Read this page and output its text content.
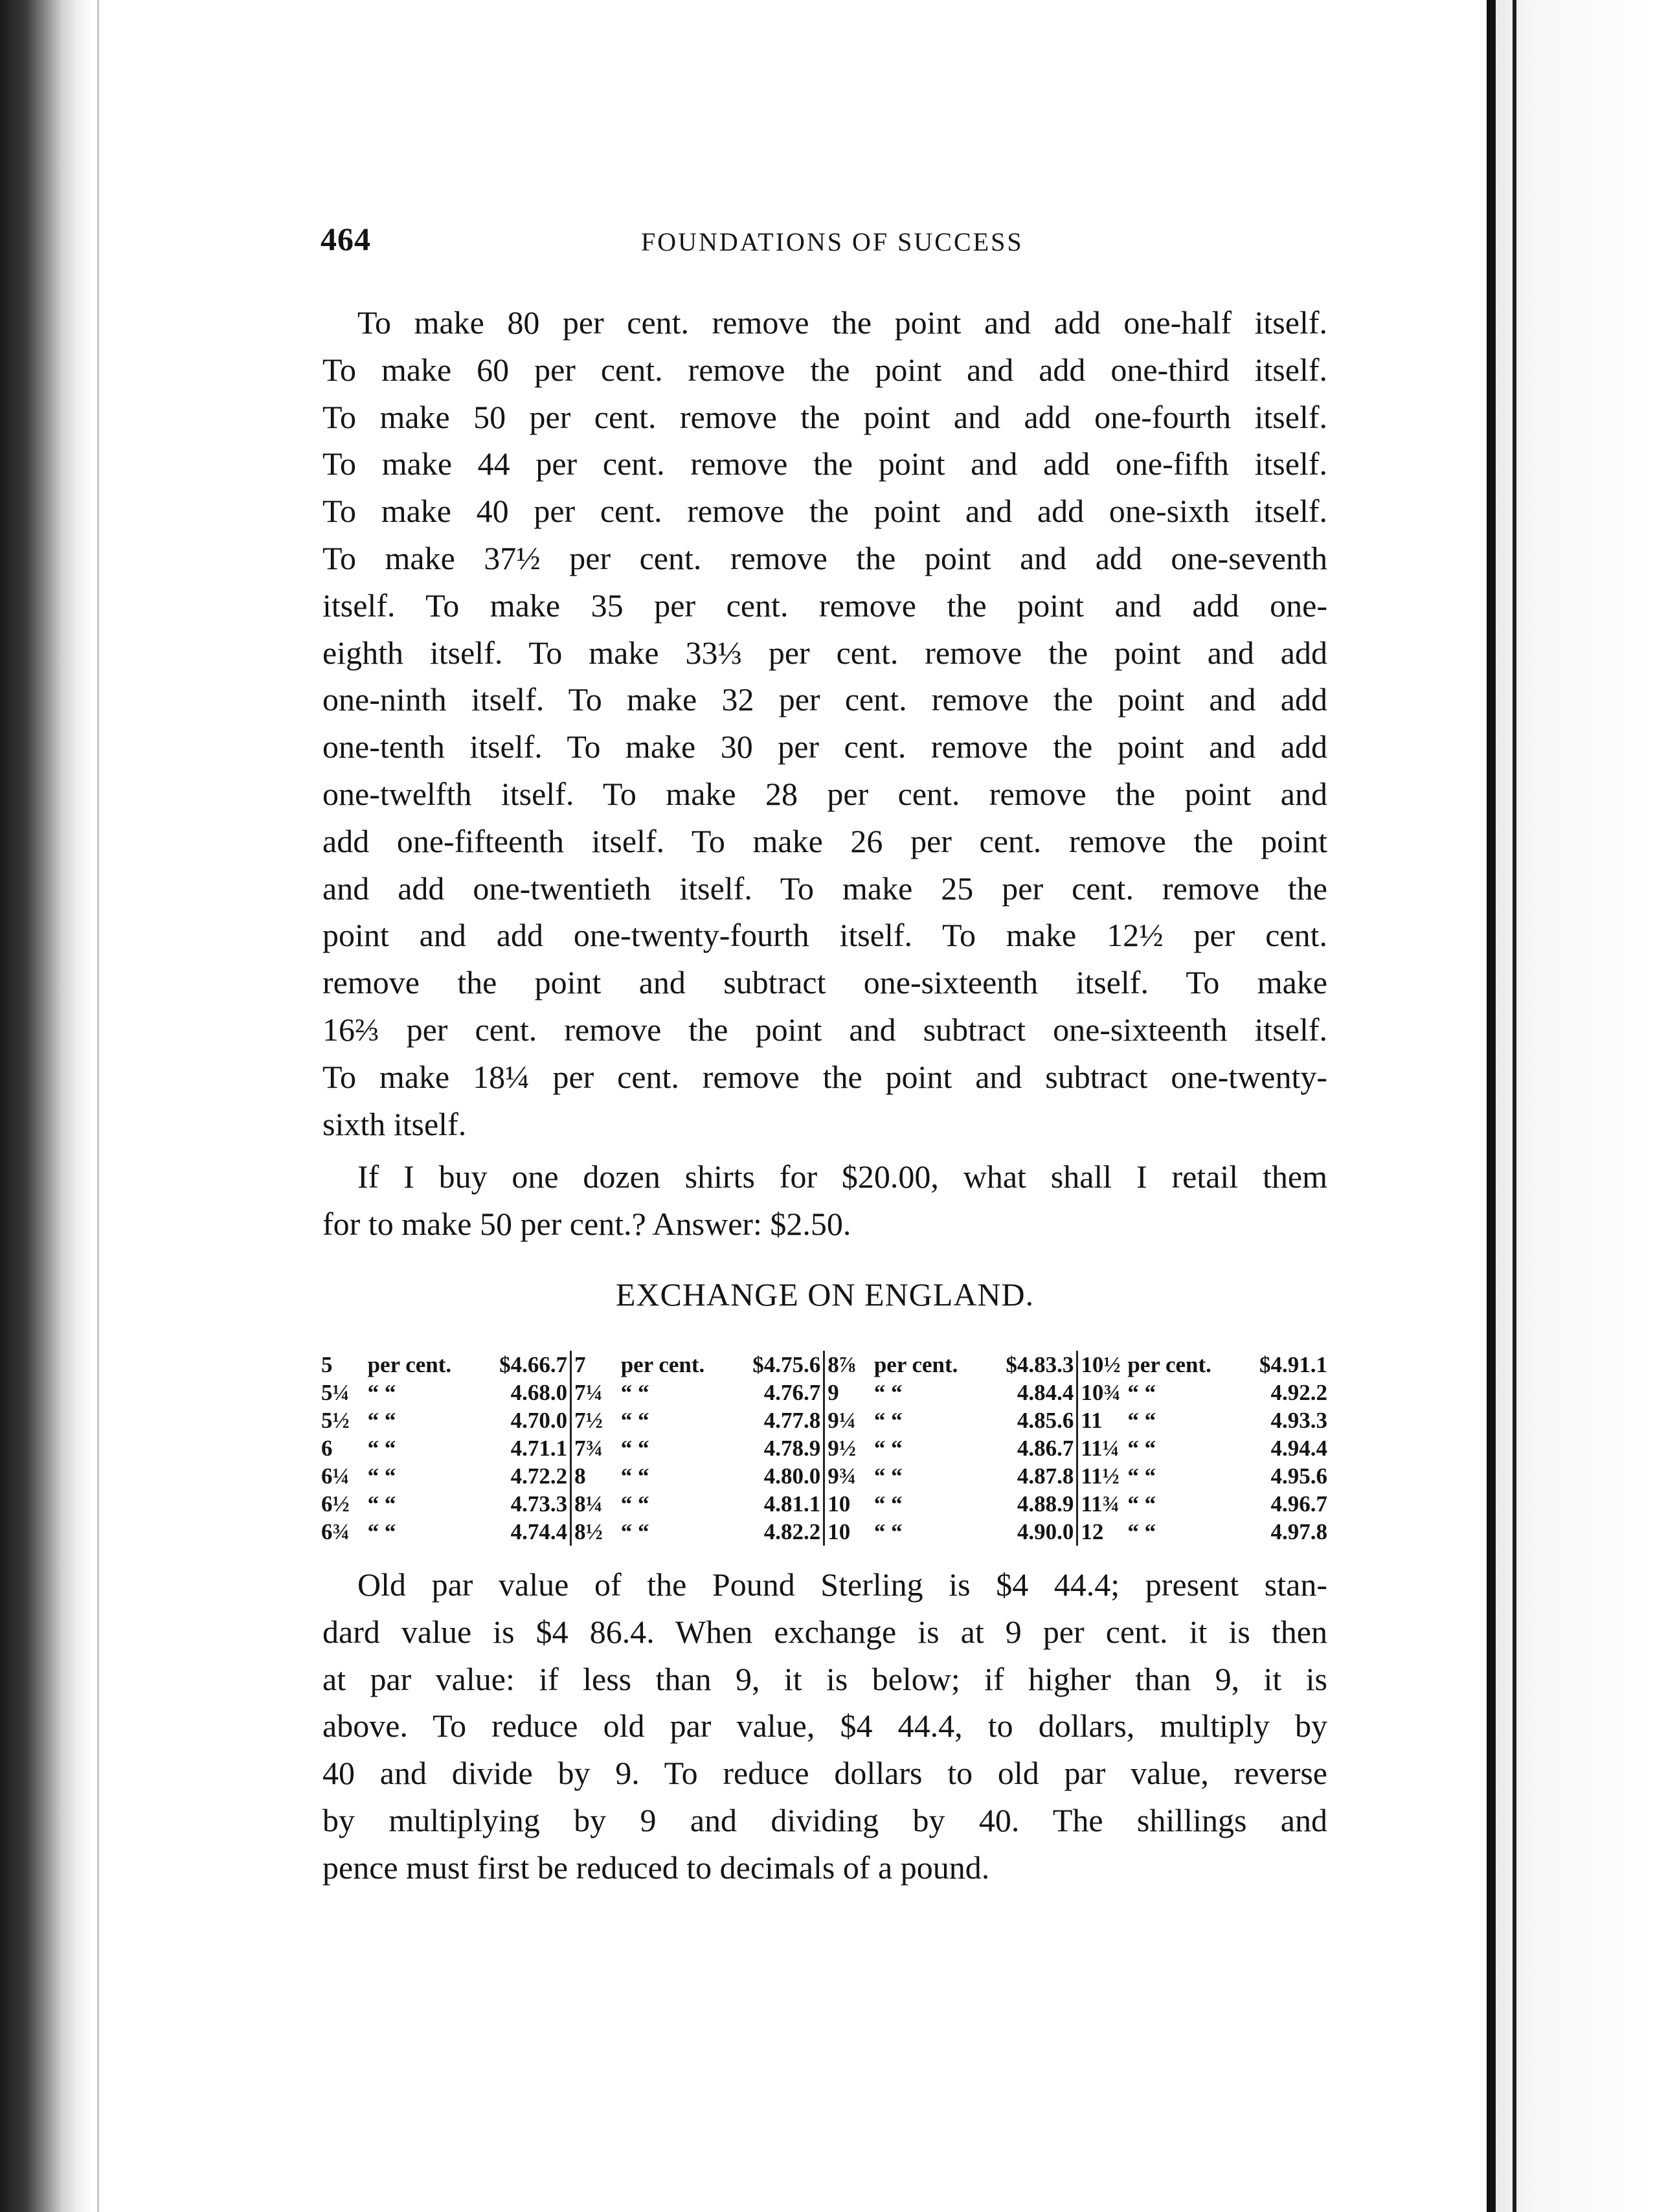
464	FOUNDATIONS OF SUCCESS
To make 80 per cent. remove the point and add one-half itself.
To make 60 per cent. remove the point and add one-third itself.
To make 50 per cent. remove the point and add one-fourth itself.
To make 44 per cent. remove the point and add one-fifth itself.
To make 40 per cent. remove the point and add one-sixth itself.
To make 37½ per cent. remove the point and add one-seventh
itself. To make 35 per cent. remove the point and add one-
eighth itself. To make 33⅓ per cent. remove the point and add
one-ninth itself. To make 32 per cent. remove the point and add
one-tenth itself. To make 30 per cent. remove the point and add
one-twelfth itself. To make 28 per cent. remove the point and
add one-fifteenth itself. To make 26 per cent. remove the point
and add one-twentieth itself. To make 25 per cent. remove the
point and add one-twenty-fourth itself. To make 12½ per cent.
remove the point and subtract one-sixteenth itself. To make
16⅔ per cent. remove the point and subtract one-sixteenth itself.
To make 18¼ per cent. remove the point and subtract one-twenty-
sixth itself.
If I buy one dozen shirts for $20.00, what shall I retail them
for to make 50 per cent.? Answer: $2.50.
EXCHANGE ON ENGLAND.
5	per cent.	$4.66.7	7	per cent.	$4.75.6	8⅞	per cent.	$4.83.3	10½	per cent.	$4.91.1
5¼	“ “	4.68.0	7¼	“ “	4.76.7	9	“ “	4.84.4	10¾	“ “	4.92.2
5½	“ “	4.70.0	7½	“ “	4.77.8	9¼	“ “	4.85.6	11	“ “	4.93.3
6	“ “	4.71.1	7¾	“ “	4.78.9	9½	“ “	4.86.7	11¼	“ “	4.94.4
6¼	“ “	4.72.2	8	“ “	4.80.0	9¾	“ “	4.87.8	11½	“ “	4.95.6
6½	“ “	4.73.3	8¼	“ “	4.81.1	10	“ “	4.88.9	11¾	“ “	4.96.7
6¾	“ “	4.74.4	8½	“ “	4.82.2	10	“ “	4.90.0	12	“ “	4.97.8
Old par value of the Pound Sterling is $4 44.4; present stan-
dard value is $4 86.4. When exchange is at 9 per cent. it is then
at par value: if less than 9, it is below; if higher than 9, it is
above. To reduce old par value, $4 44.4, to dollars, multiply by
40 and divide by 9. To reduce dollars to old par value, reverse
by multiplying by 9 and dividing by 40. The shillings and
pence must first be reduced to decimals of a pound.
